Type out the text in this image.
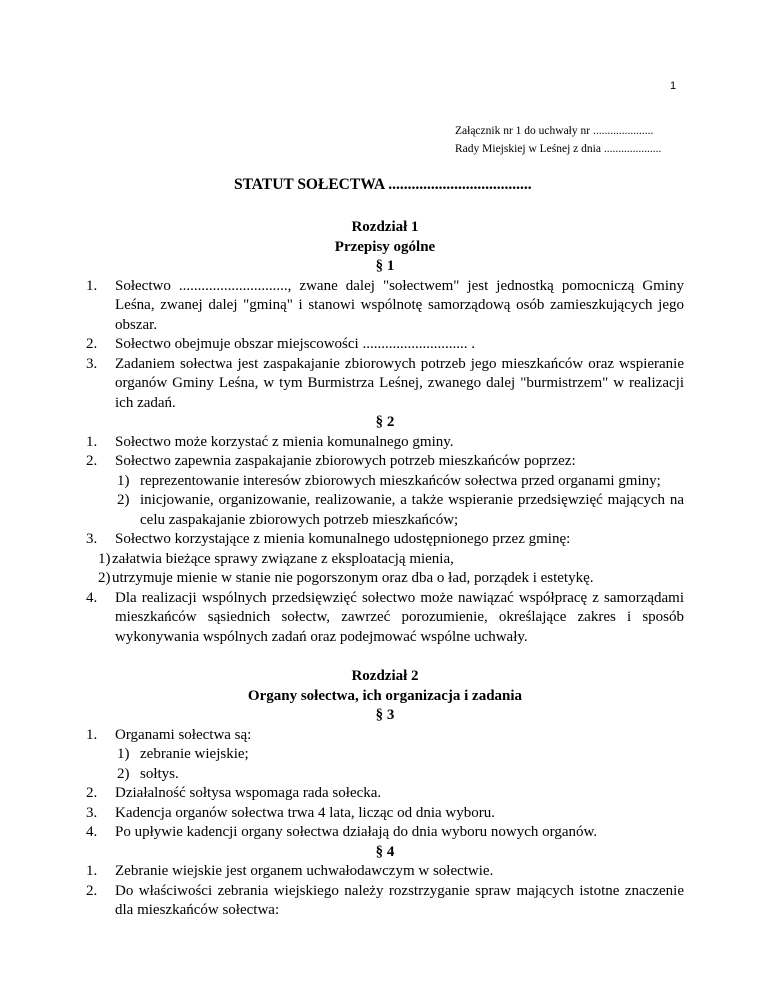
1
Załącznik nr 1 do uchwały nr .....................
Rady Miejskiej w Leśnej z dnia ....................
STATUT SOŁECTWA .....................................
Rozdział 1
Przepisy ogólne
§ 1
1. Sołectwo ............................., zwane dalej "sołectwem" jest jednostką pomocniczą Gminy Leśna, zwanej dalej "gminą" i stanowi wspólnotę samorządową osób zamieszkujących jego obszar.
2. Sołectwo obejmuje obszar miejscowości ............................ .
3. Zadaniem sołectwa jest zaspakajanie zbiorowych potrzeb jego mieszkańców oraz wspieranie organów Gminy Leśna, w tym Burmistrza Leśnej, zwanego dalej "burmistrzem" w realizacji ich zadań.
§ 2
1. Sołectwo może korzystać z mienia komunalnego gminy.
2. Sołectwo zapewnia zaspakajanie zbiorowych potrzeb mieszkańców poprzez:
1) reprezentowanie interesów zbiorowych mieszkańców sołectwa przed organami gminy;
2) inicjowanie, organizowanie, realizowanie, a także wspieranie przedsięwzięć mających na celu zaspakajanie zbiorowych potrzeb mieszkańców;
3. Sołectwo korzystające z mienia komunalnego udostępnionego przez gminę:
1) załatwia bieżące sprawy związane z eksploatacją mienia,
2) utrzymuje mienie w stanie nie pogorszonym oraz dba o ład, porządek i estetykę.
4. Dla realizacji wspólnych przedsięwzięć sołectwo może nawiązać współpracę z samorządami mieszkańców sąsiednich sołectw, zawrzeć porozumienie, określające zakres i sposób wykonywania wspólnych zadań oraz podejmować wspólne uchwały.
Rozdział 2
Organy sołectwa, ich organizacja i zadania
§ 3
1. Organami sołectwa są:
1) zebranie wiejskie;
2) sołtys.
2. Działalność sołtysa wspomaga rada sołecka.
3. Kadencja organów sołectwa trwa 4 lata, licząc od dnia wyboru.
4. Po upływie kadencji organy sołectwa działają do dnia wyboru nowych organów.
§ 4
1. Zebranie wiejskie jest organem uchwałodawczym w sołectwie.
2. Do właściwości zebrania wiejskiego należy rozstrzyganie spraw mających istotne znaczenie dla mieszkańców sołectwa:
